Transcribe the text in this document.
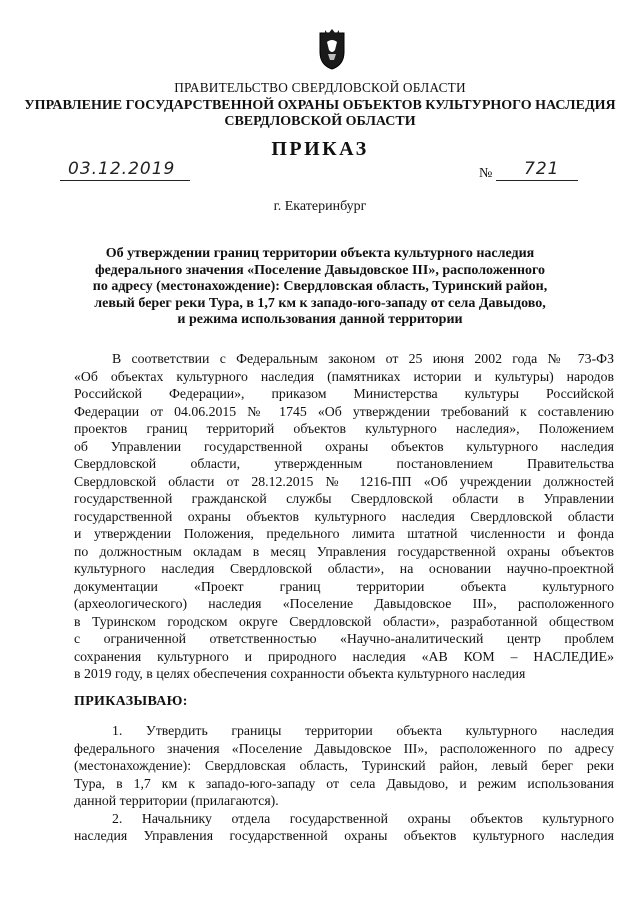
ПРАВИТЕЛЬСТВО СВЕРДЛОВСКОЙ ОБЛАСТИ
УПРАВЛЕНИЕ ГОСУДАРСТВЕННОЙ ОХРАНЫ ОБЪЕКТОВ КУЛЬТУРНОГО НАСЛЕДИЯ
СВЕРДЛОВСКОЙ ОБЛАСТИ
ПРИКАЗ
03.12.2019	№ 721
г. Екатеринбург
Об утверждении границ территории объекта культурного наследия
федерального значения «Поселение Давыдовское III», расположенного
по адресу (местонахождение): Свердловская область, Туринский район,
левый берег реки Тура, в 1,7 км к западо-юго-западу от села Давыдово,
и режима использования данной территории
В соответствии с Федеральным законом от 25 июня 2002 года № 73-ФЗ
«Об объектах культурного наследия (памятниках истории и культуры) народов
Российской Федерации», приказом Министерства культуры Российской
Федерации от 04.06.2015 № 1745 «Об утверждении требований к составлению
проектов границ территорий объектов культурного наследия», Положением
об Управлении государственной охраны объектов культурного наследия
Свердловской области, утвержденным постановлением Правительства
Свердловской области от 28.12.2015 № 1216-ПП «Об учреждении должностей
государственной гражданской службы Свердловской области в Управлении
государственной охраны объектов культурного наследия Свердловской области
и утверждении Положения, предельного лимита штатной численности и фонда
по должностным окладам в месяц Управления государственной охраны объектов
культурного наследия Свердловской области», на основании научно-проектной
документации «Проект границ территории объекта культурного
(археологического) наследия «Поселение Давыдовское III», расположенного
в Туринском городском округе Свердловской области», разработанной обществом
с ограниченной ответственностью «Научно-аналитический центр проблем
сохранения культурного и природного наследия «АВ КОМ – НАСЛЕДИЕ»
в 2019 году, в целях обеспечения сохранности объекта культурного наследия
ПРИКАЗЫВАЮ:
1. Утвердить границы территории объекта культурного наследия
федерального значения «Поселение Давыдовское III», расположенного по адресу
(местонахождение): Свердловская область, Туринский район, левый берег реки
Тура, в 1,7 км к западо-юго-западу от села Давыдово, и режим использования
данной территории (прилагаются).
2. Начальнику отдела государственной охраны объектов культурного
наследия Управления государственной охраны объектов культурного наследия
